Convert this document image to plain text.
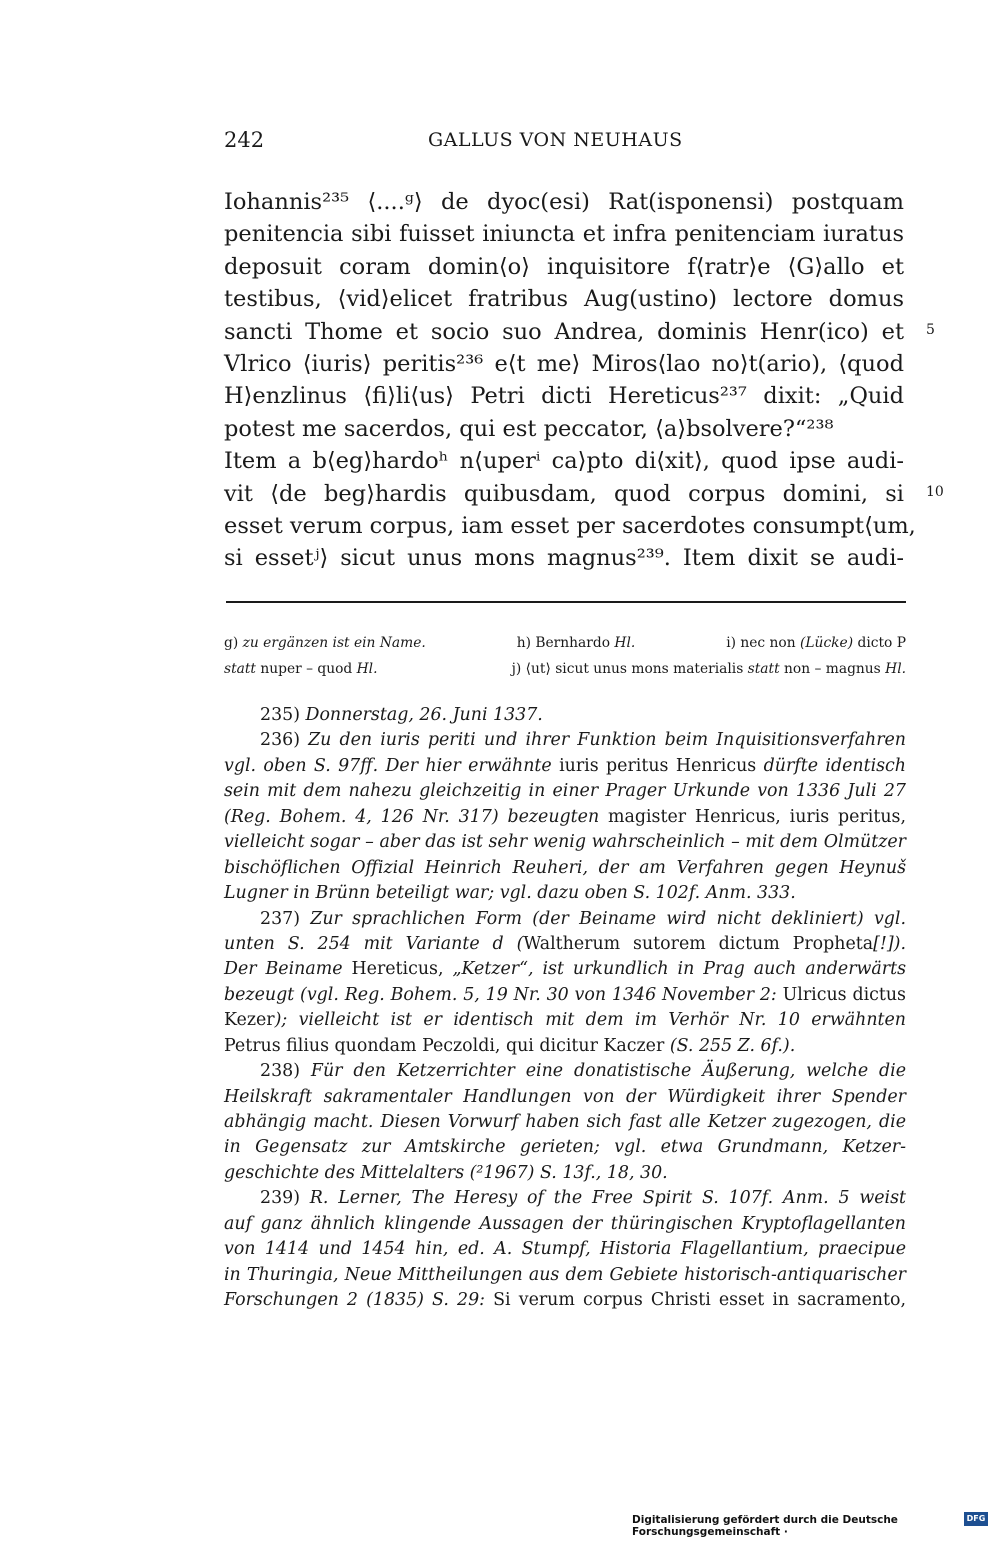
242	GALLUS VON NEUHAUS
Iohannis²³⁵ ⟨....ᵍ⟩ de dyoc(esi) Rat(isponensi) postquam
penitencia sibi fuisset iniuncta et infra penitenciam iuratus
deposuit coram domin⟨o⟩ inquisitore f⟨ratr⟩e ⟨G⟩allo et
testibus, ⟨vid⟩elicet fratribus Aug(ustino) lectore domus
sancti Thome et socio suo Andrea, dominis Henr(ico) et
Vlrico ⟨iuris⟩ peritis²³⁶ e⟨t me⟩ Miros⟨lao no⟩t(ario), ⟨quod
H⟩enzlinus ⟨fi⟩li⟨us⟩ Petri dicti Hereticus²³⁷ dixit: „Quid
potest me sacerdos, qui est peccator, ⟨a⟩bsolvere?“²³⁸
Item a b⟨eg⟩hardoʰ n⟨uperⁱ ca⟩pto di⟨xit⟩, quod ipse audi-
vit ⟨de beg⟩hardis quibusdam, quod corpus domini, si
esset verum corpus, iam esset per sacerdotes consumpt⟨um,
si essetʲ⟩ sicut unus mons magnus²³⁹. Item dixit se audi-
5
10
g) zu ergänzen ist ein Name.	h) Bernhardo Hl.	i) nec non (Lücke) dicto P
statt nuper – quod Hl.	j) ⟨ut⟩ sicut unus mons materialis statt non – magnus Hl.
235) Donnerstag, 26. Juni 1337.
236) Zu den iuris periti und ihrer Funktion beim Inquisitionsverfahren
vgl. oben S. 97ff. Der hier erwähnte iuris peritus Henricus dürfte identisch
sein mit dem nahezu gleichzeitig in einer Prager Urkunde von 1336 Juli 27
(Reg. Bohem. 4, 126 Nr. 317) bezeugten magister Henricus, iuris peritus,
vielleicht sogar – aber das ist sehr wenig wahrscheinlich – mit dem Olmützer
bischöflichen Offizial Heinrich Reuheri, der am Verfahren gegen Heynuš
Lugner in Brünn beteiligt war; vgl. dazu oben S. 102f. Anm. 333.
237) Zur sprachlichen Form (der Beiname wird nicht dekliniert) vgl.
unten S. 254 mit Variante d (Waltherum sutorem dictum Propheta[!]).
Der Beiname Hereticus, „Ketzer“, ist urkundlich in Prag auch anderwärts
bezeugt (vgl. Reg. Bohem. 5, 19 Nr. 30 von 1346 November 2: Ulricus dictus
Kezer); vielleicht ist er identisch mit dem im Verhör Nr. 10 erwähnten
Petrus filius quondam Peczoldi, qui dicitur Kaczer (S. 255 Z. 6f.).
238) Für den Ketzerrichter eine donatistische Äußerung, welche die
Heilskraft sakramentaler Handlungen von der Würdigkeit ihrer Spender
abhängig macht. Diesen Vorwurf haben sich fast alle Ketzer zugezogen, die
in Gegensatz zur Amtskirche gerieten; vgl. etwa Grundmann, Ketzer-
geschichte des Mittelalters (²1967) S. 13f., 18, 30.
239) R. Lerner, The Heresy of the Free Spirit S. 107f. Anm. 5 weist
auf ganz ähnlich klingende Aussagen der thüringischen Kryptoflagellanten
von 1414 und 1454 hin, ed. A. Stumpf, Historia Flagellantium, praecipue
in Thuringia, Neue Mittheilungen aus dem Gebiete historisch-antiquarischer
Forschungen 2 (1835) S. 29: Si verum corpus Christi esset in sacramento,
Digitalisierung gefördert durch die Deutsche Forschungsgemeinschaft ·
DFG
